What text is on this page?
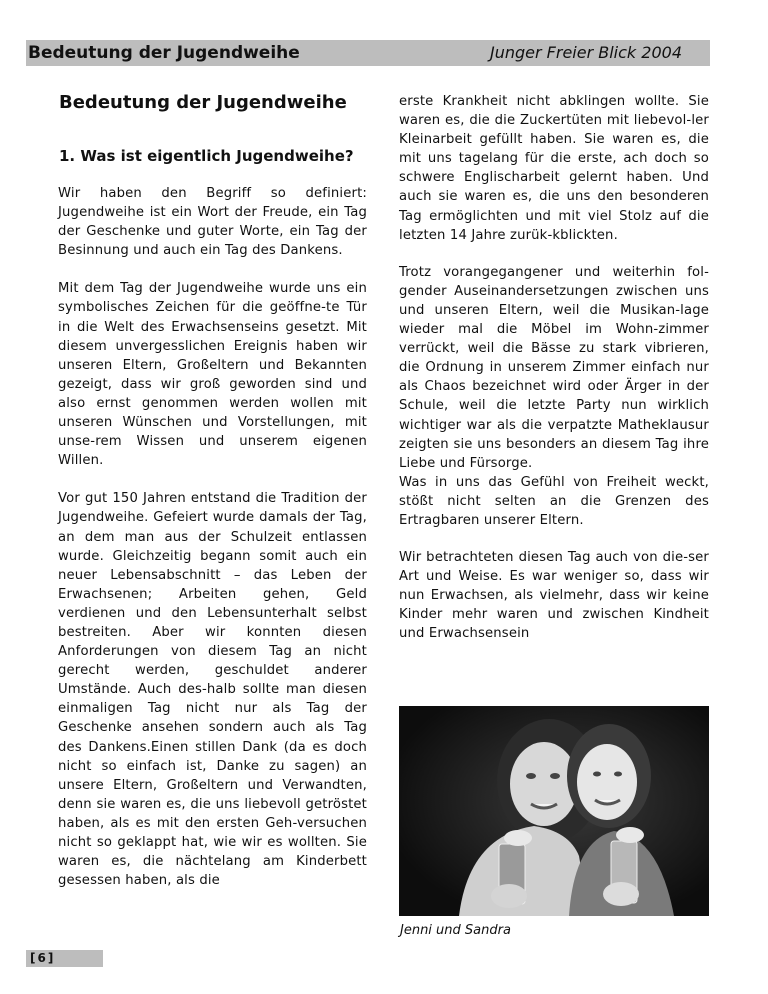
Bedeutung der Jugendweihe	Junger Freier Blick 2004
Bedeutung der Jugendweihe
1. Was ist eigentlich Jugendweihe?

Wir haben den Begriff so definiert: Jugendweihe ist ein Wort der Freude, ein Tag der Geschenke und guter Worte, ein Tag der Besinnung und auch ein Tag des Dankens.

Mit dem Tag der Jugendweihe wurde uns ein symbolisches Zeichen für die geöffne-te Tür in die Welt des Erwachsenseins gesetzt. Mit diesem unvergesslichen Ereignis haben wir unseren Eltern, Großeltern und Bekannten gezeigt, dass wir groß geworden sind und also ernst genommen werden wollen mit unseren Wünschen und Vorstellungen, mit unse-rem Wissen und unserem eigenen Willen.

Vor gut 150 Jahren entstand die Tradition der Jugendweihe. Gefeiert wurde damals der Tag, an dem man aus der Schulzeit entlassen wurde. Gleichzeitig begann somit auch ein neuer Lebensabschnitt – das Leben der Erwachsenen; Arbeiten gehen, Geld verdienen und den Lebensunterhalt selbst bestreiten. Aber wir konnten diesen Anforderungen von diesem Tag an nicht gerecht werden, geschuldet anderer Umstände. Auch des-halb sollte man diesen einmaligen Tag nicht nur als Tag der Geschenke ansehen sondern auch als Tag des Dankens.Einen stillen Dank (da es doch nicht so einfach ist, Danke zu sagen) an unsere Eltern, Großeltern und Verwandten, denn sie waren es, die uns liebevoll getröstet haben, als es mit den ersten Geh-versuchen nicht so geklappt hat, wie wir es wollten. Sie waren es, die nächtelang am Kinderbett gesessen haben, als die

erste Krankheit nicht abklingen wollte. Sie waren es, die die Zuckertüten mit liebevol-ler Kleinarbeit gefüllt haben. Sie waren es, die mit uns tagelang für die erste, ach doch so schwere Englischarbeit gelernt haben. Und auch sie waren es, die uns den besonderen Tag ermöglichten und mit viel Stolz auf die letzten 14 Jahre zurük-kblickten.

Trotz vorangegangener und weiterhin fol-gender Auseinandersetzungen zwischen uns und unseren Eltern, weil die Musikan-lage wieder mal die Möbel im Wohn-zimmer verrückt, weil die Bässe zu stark vibrieren, die Ordnung in unserem Zimmer einfach nur als Chaos bezeichnet wird oder Ärger in der Schule, weil die letzte Party nun wirklich wichtiger war als die verpatzte Matheklausur zeigten sie uns besonders an diesem Tag ihre Liebe und Fürsorge.

Was in uns das Gefühl von Freiheit weckt, stößt nicht selten an die Grenzen des Ertragbaren unserer Eltern.

Wir betrachteten diesen Tag auch von die-ser Art und Weise. Es war weniger so, dass wir nun Erwachsen, als vielmehr, dass wir keine Kinder mehr waren und zwischen Kindheit und Erwachsensein

Jenni und Sandra
[6]
